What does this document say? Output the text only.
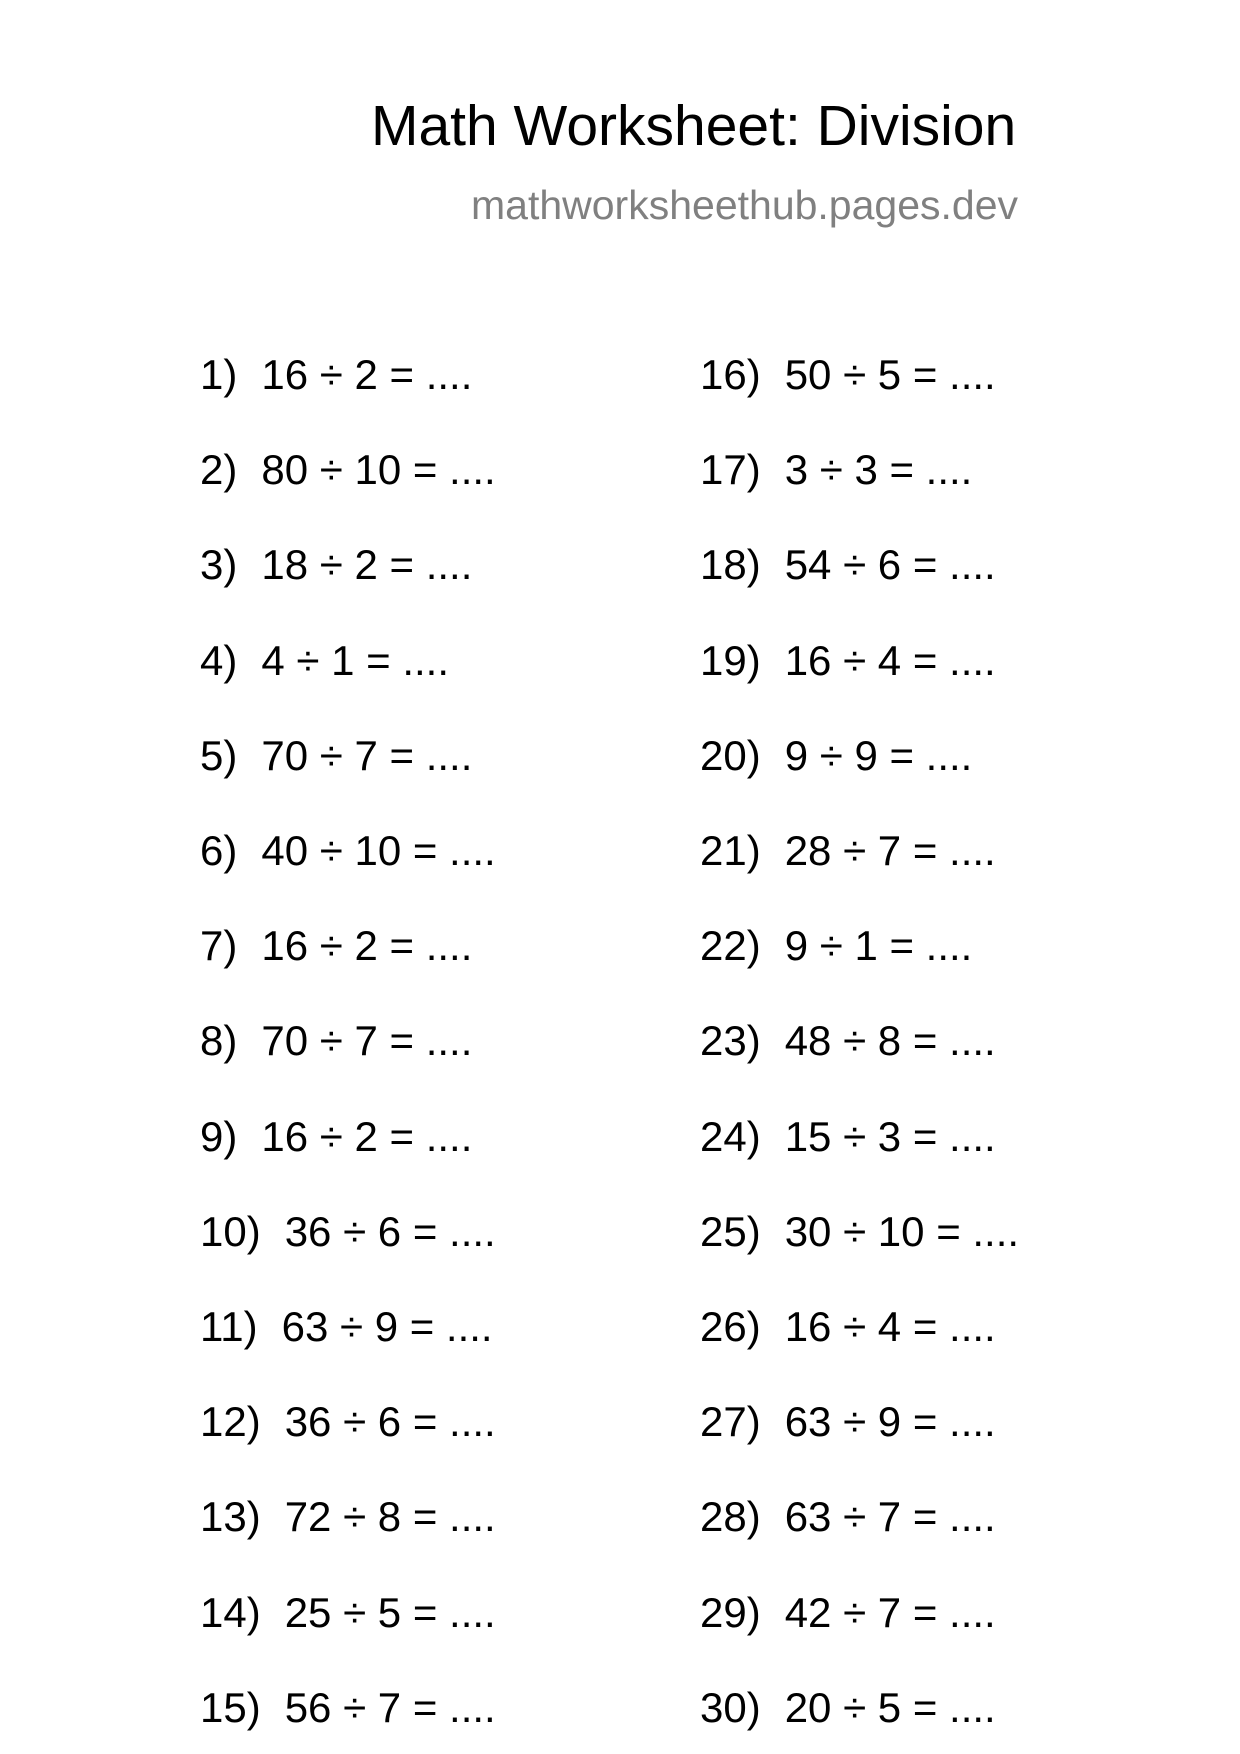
Math Worksheet: Division
mathworksheethub.pages.dev
1) 16 ÷ 2 = ....
2) 80 ÷ 10 = ....
3) 18 ÷ 2 = ....
4) 4 ÷ 1 = ....
5) 70 ÷ 7 = ....
6) 40 ÷ 10 = ....
7) 16 ÷ 2 = ....
8) 70 ÷ 7 = ....
9) 16 ÷ 2 = ....
10) 36 ÷ 6 = ....
11) 63 ÷ 9 = ....
12) 36 ÷ 6 = ....
13) 72 ÷ 8 = ....
14) 25 ÷ 5 = ....
15) 56 ÷ 7 = ....
16) 50 ÷ 5 = ....
17) 3 ÷ 3 = ....
18) 54 ÷ 6 = ....
19) 16 ÷ 4 = ....
20) 9 ÷ 9 = ....
21) 28 ÷ 7 = ....
22) 9 ÷ 1 = ....
23) 48 ÷ 8 = ....
24) 15 ÷ 3 = ....
25) 30 ÷ 10 = ....
26) 16 ÷ 4 = ....
27) 63 ÷ 9 = ....
28) 63 ÷ 7 = ....
29) 42 ÷ 7 = ....
30) 20 ÷ 5 = ....
